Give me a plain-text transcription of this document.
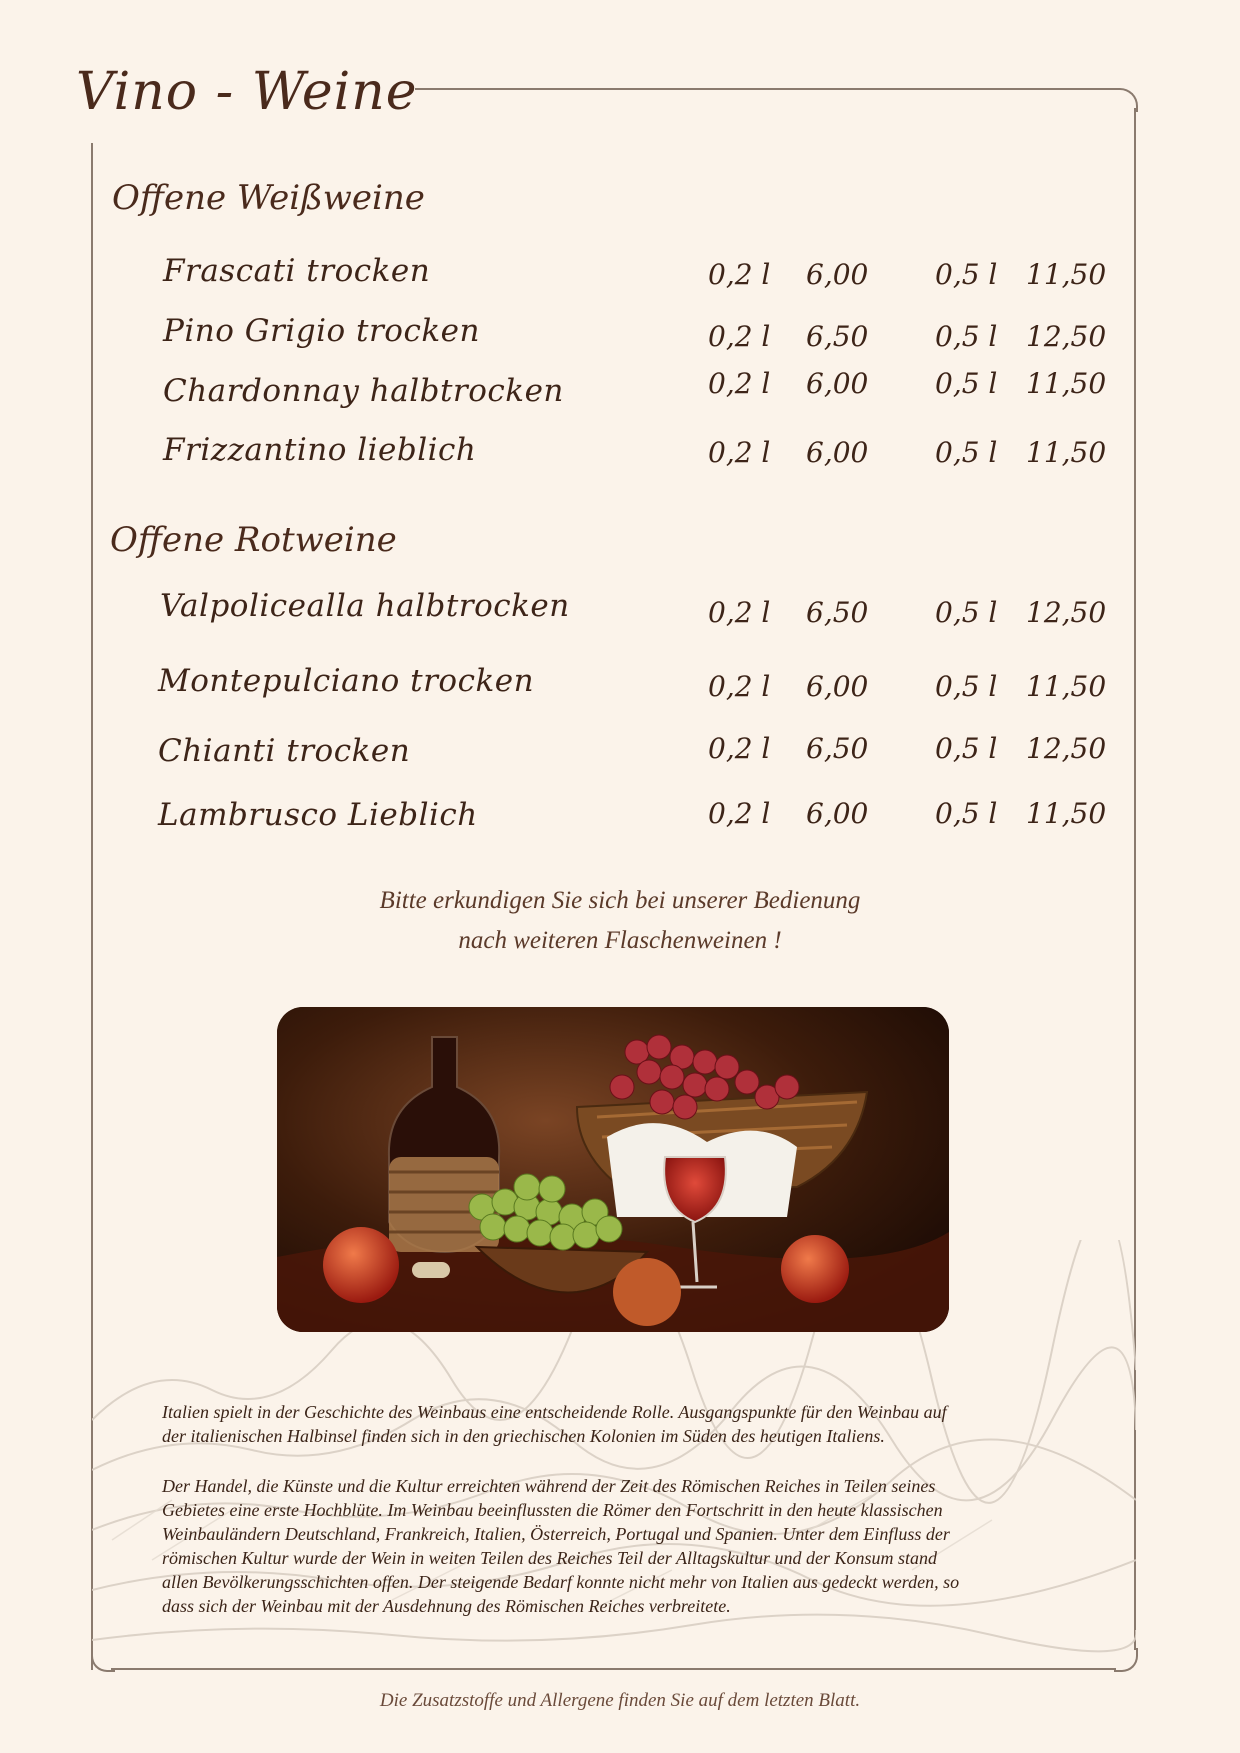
Vino - Weine
Offene Weißweine
Frascati trocken	0,2 l 6,00 0,5 l 11,50
Pino Grigio trocken	0,2 l 6,50 0,5 l 12,50
Chardonnay halbtrocken	0,2 l 6,00 0,5 l 11,50
Frizzantino lieblich	0,2 l 6,00 0,5 l 11,50
Offene Rotweine
Valpolicealla halbtrocken	0,2 l 6,50 0,5 l 12,50
Montepulciano trocken	0,2 l 6,00 0,5 l 11,50
Chianti trocken	0,2 l 6,50 0,5 l 12,50
Lambrusco Lieblich	0,2 l 6,00 0,5 l 11,50
Bitte erkundigen Sie sich bei unserer Bedienung
nach weiteren Flaschenweinen !
Italien spielt in der Geschichte des Weinbaus eine entscheidende Rolle. Ausgangspunkte für den Weinbau auf
der italienischen Halbinsel finden sich in den griechischen Kolonien im Süden des heutigen Italiens.
Der Handel, die Künste und die Kultur erreichten während der Zeit des Römischen Reiches in Teilen seines
Gebietes eine erste Hochblüte. Im Weinbau beeinflussten die Römer den Fortschritt in den heute klassischen
Weinbauländern Deutschland, Frankreich, Italien, Österreich, Portugal und Spanien. Unter dem Einfluss der
römischen Kultur wurde der Wein in weiten Teilen des Reiches Teil der Alltagskultur und der Konsum stand
allen Bevölkerungsschichten offen. Der steigende Bedarf konnte nicht mehr von Italien aus gedeckt werden, so
dass sich der Weinbau mit der Ausdehnung des Römischen Reiches verbreitete.
Die Zusatzstoffe und Allergene finden Sie auf dem letzten Blatt.
